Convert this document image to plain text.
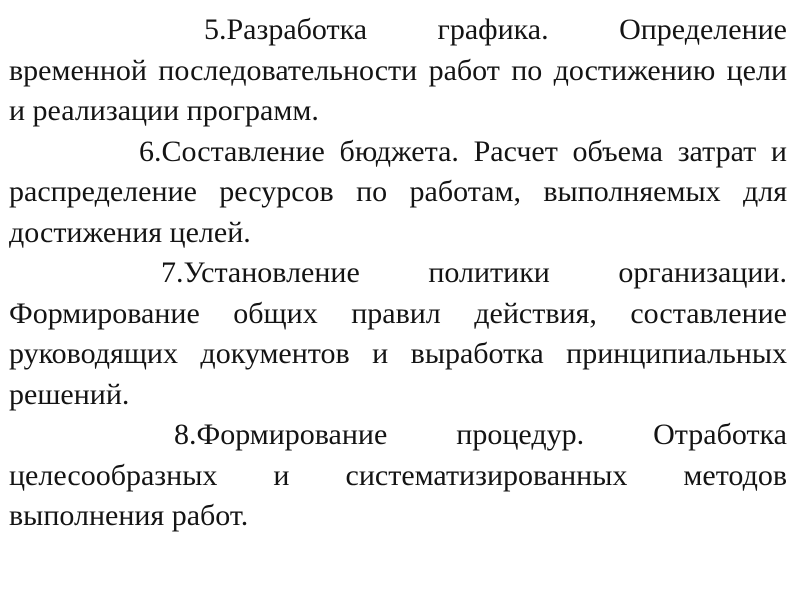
5.Разработка графика. Определение временной последовательности работ по достижению цели и реализации программ.

6.Составление бюджета. Расчет объема затрат и распределение ресурсов по работам, выполняемых для достижения целей.

7.Установление политики организации. Формирование общих правил действия, составление руководящих документов и выработка принципиальных решений.

8.Формирование процедур. Отработка целесообразных и систематизированных методов выполнения работ.
